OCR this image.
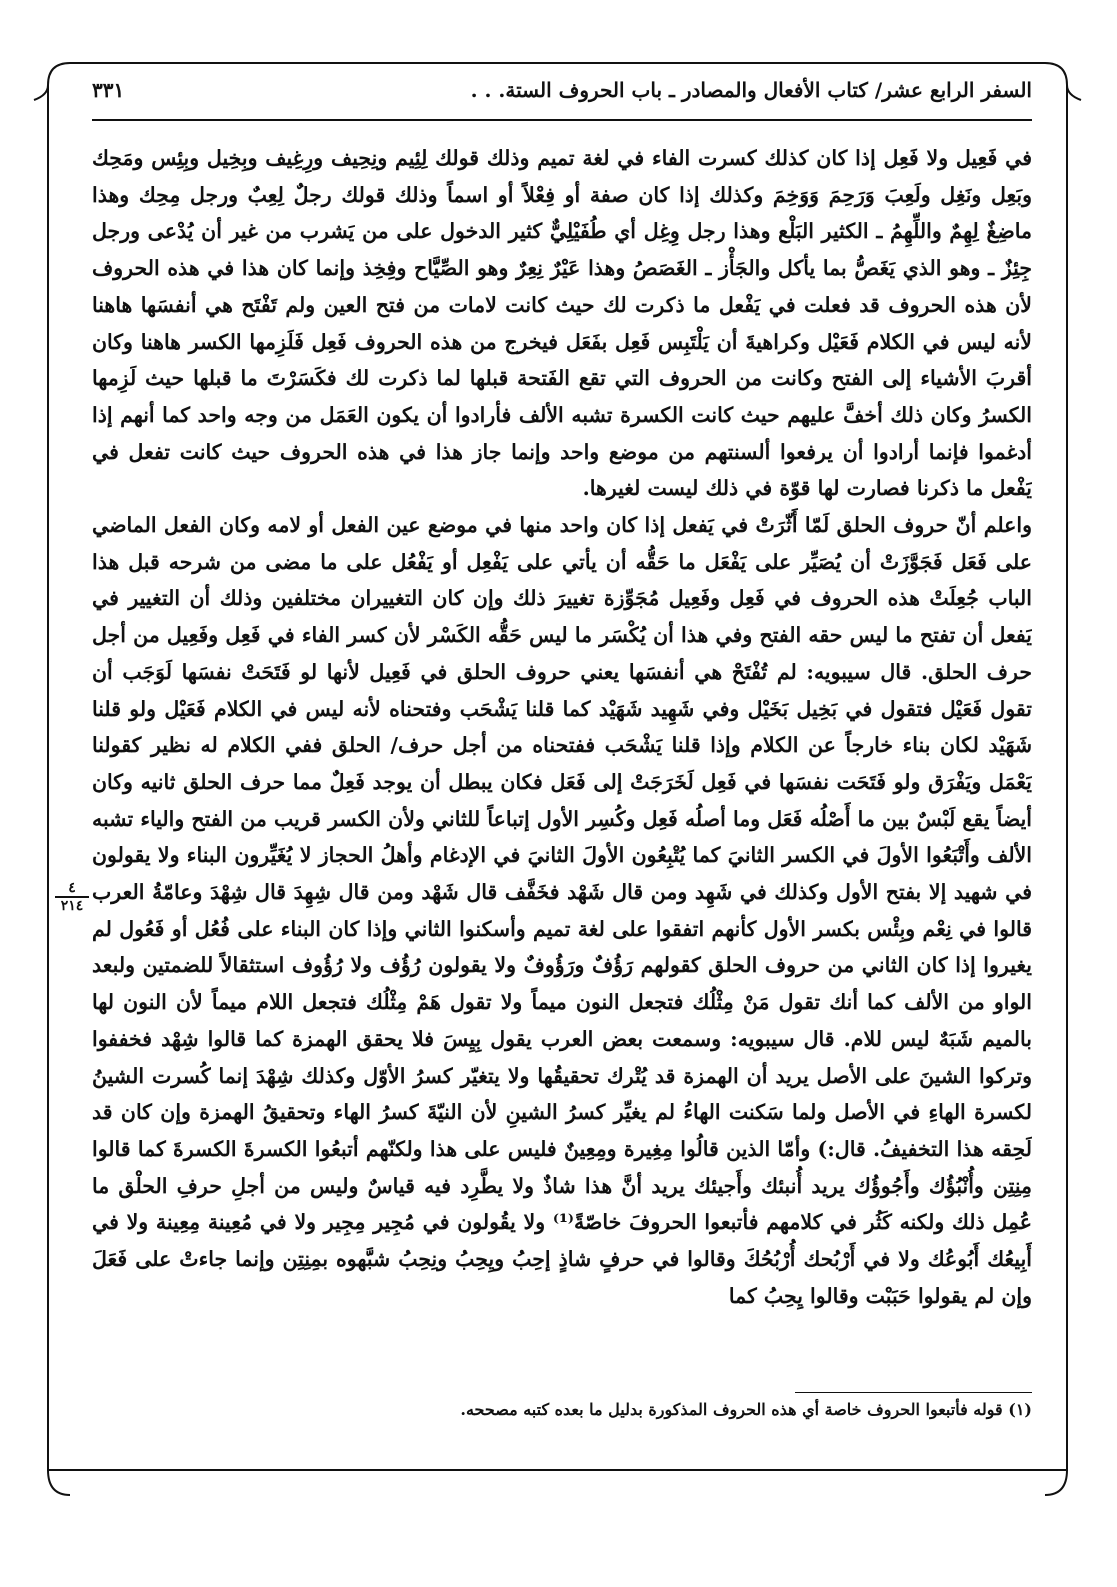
السفر الرابع عشر/ كتاب الأفعال والمصادر ـ باب الحروف الستة. . .
٣٣١

في فَعِيل ولا فَعِل إذا كان كذلك كسرت الفاء في لغة تميم وذلك قولك لِئِيم ونِحِيف ورِغِيف وبِخِيل وبِئِس ومَحِك وبَعِل ونَغِل ولَعِبَ وَرَحِمَ وَوَخِمَ وكذلك إذا كان صفة أو فِعْلاً أو اسماً وذلك قولك رجلٌ لِعِبٌ ورجل مِحِك وهذا ماضِغٌ لِهِمٌ واللِّهِمُ ـ الكثير البَلْع وهذا رجل وِغِل أي طُفَيْلِيٌّ كثير الدخول على من يَشرب من غير أن يُدْعى ورجل جِئِزٌ ـ وهو الذي يَغَصُّ بما يأكل والجَأْز ـ الغَصَصُ وهذا عَيْرٌ نِعِرٌ وهو الصِّيَّاح وفِخِذ وإنما كان هذا في هذه الحروف لأن هذه الحروف قد فعلت في يَفْعل ما ذكرت لك حيث كانت لامات من فتح العين ولم تَفْتَح هي أنفسَها هاهنا لأنه ليس في الكلام فَعَيْل وكراهيةَ أن يَلْتَبِس فَعِل بفَعَل فيخرج من هذه الحروف فَعِل فَلَزِمها الكسر هاهنا وكان أقربَ الأشياء إلى الفتح وكانت من الحروف التي تقع الفَتحة قبلها لما ذكرت لك فكَسَرْتَ ما قبلها حيث لَزِمها الكسرُ وكان ذلك أخفَّ عليهم حيث كانت الكسرة تشبه الألف فأرادوا أن يكون العَمَل من وجه واحد كما أنهم إذا أدغموا فإنما أرادوا أن يرفعوا ألسنتهم من موضع واحد وإنما جاز هذا في هذه الحروف حيث كانت تفعل في يَفْعل ما ذكرنا فصارت لها قوّة في ذلك ليست لغيرها.

واعلم أنّ حروف الحلق لَمّا أَثّرَتْ في يَفعل إذا كان واحد منها في موضع عين الفعل أو لامه وكان الفعل الماضي على فَعَل فَجَوَّزَتْ أن يُصَيِّر على يَفْعَل ما حَقُّه أن يأتي على يَفْعِل أو يَفْعُل على ما مضى من شرحه قبل هذا الباب جُعِلَتْ هذه الحروف في فَعِل وفَعِيل مُجَوِّزة تغييرَ ذلك وإن كان التغييران مختلفين وذلك أن التغيير في يَفعل أن تفتح ما ليس حقه الفتح وفي هذا أن يُكْسَر ما ليس حَقُّه الكَسْر لأن كسر الفاء في فَعِل وفَعِيل من أجل حرف الحلق. قال سيبويه: لم تُفْتَحْ هي أنفسَها يعني حروف الحلق في فَعِيل لأنها لو فَتَحَتْ نفسَها لَوَجَب أن تقول فَعَيْل فتقول في بَخِيل بَخَيْل وفي شَهِيد شَهَيْد كما قلنا يَشْحَب وفتحناه لأنه ليس في الكلام فَعَيْل ولو قلنا شَهَيْد لكان بناء خارجاً عن الكلام وإذا قلنا يَشْحَب ففتحناه من أجل حرف/ الحلق ففي الكلام له نظير كقولنا يَعْمَل ويَفْرَق ولو فَتَحَت نفسَها في فَعِل لَخَرَجَتْ إلى فَعَل فكان يبطل أن يوجد فَعِلٌ مما حرف الحلق ثانيه وكان أيضاً يقع لَبْسٌ بين ما أَصْلُه فَعَل وما أصلُه فَعِل وكُسِر الأول إتباعاً للثاني ولأن الكسر قريب من الفتح والياء تشبه الألف وأَتْبَعُوا الأولَ في الكسر الثانيَ كما يُتْبِعُون الأولَ الثانيَ في الإدغام وأهلُ الحجاز لا يُغَيِّرون البناء ولا يقولون في شهيد إلا بفتح الأول وكذلك في شَهِد ومن قال شَهْد فخَفَّف قال شَهْد ومن قال شِهِدَ قال شِهْدَ وعامّةُ العرب قالوا في نِعْم وبِئْس بكسر الأول كأنهم اتفقوا على لغة تميم وأسكنوا الثاني وإذا كان البناء على فُعُل أو فَعُول لم يغيروا إذا كان الثاني من حروف الحلق كقولهم رَؤُفٌ ورَؤُوفٌ ولا يقولون رُؤُف ولا رُؤُوف استثقالاً للضمتين ولبعد الواو من الألف كما أنك تقول مَنْ مِثْلُك فتجعل النون ميماً ولا تقول هَمْ مِثْلُك فتجعل اللام ميماً لأن النون لها بالميم شَبَهٌ ليس للام. قال سيبويه: وسمعت بعض العرب يقول بِيِسَ فلا يحقق الهمزة كما قالوا شِهْد فخففوا وتركوا الشينَ على الأصل يريد أن الهمزة قد يُتْرك تحقيقُها ولا يتغيّر كسرُ الأوّل وكذلك شِهْدَ إنما كُسرت الشينُ لكسرة الهاءِ في الأصل ولما سَكنت الهاءُ لم يغيِّر كسرُ الشينِ لأن النيّةَ كسرُ الهاء وتحقيقُ الهمزة وإن كان قد لَحِقه هذا التخفيفُ. قال:) وأمّا الذين قالُوا مِغِيرة ومِعِينٌ فليس على هذا ولكنّهم أتبعُوا الكسرةَ الكسرةَ كما قالوا مِنِتِن وأُنْبُؤُك وأَجُوؤُك يريد أُنبئك وأَجيئك يريد أنَّ هذا شاذٌ ولا يطَّرِد فيه قياسٌ وليس من أجلِ حرفِ الحلْق ما عُمِل ذلك ولكنه كَثُر في كلامهم فأتبعوا الحروفَ خاصّةً⁽¹⁾ ولا يقُولون في مُجِير مِجِير ولا في مُعِينة مِعِينة ولا في أَبِيعُك أَبُوعُك ولا في أَرْبُحك أُرْبُحُكَ وقالوا في حرفٍ شاذٍ إحِبُ ويِحِبُ ونِحِبُ شبَّهوه بمِنِتِن وإنما جاءتْ على فَعَلَ وإن لم يقولوا حَبَبْت وقالوا يِحِبُ كما

٤
٢١٤
(١) قوله فأتبعوا الحروف خاصة أي هذه الحروف المذكورة بدليل ما بعده كتبه مصححه.
